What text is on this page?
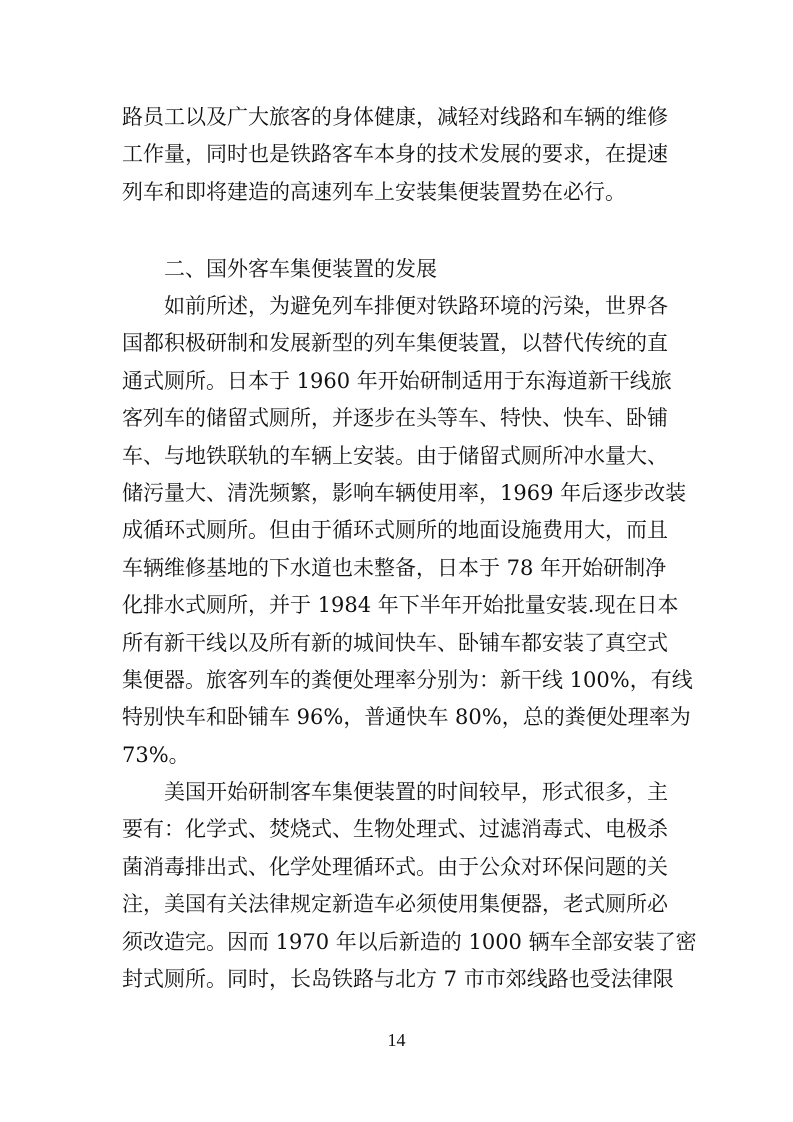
路员工以及广大旅客的身体健康，减轻对线路和车辆的维修
工作量，同时也是铁路客车本身的技术发展的要求，在提速
列车和即将建造的高速列车上安装集便装置势在必行。
二、国外客车集便装置的发展
　　如前所述，为避免列车排便对铁路环境的污染，世界各
国都积极研制和发展新型的列车集便装置，以替代传统的直
通式厕所。日本于 1960 年开始研制适用于东海道新干线旅
客列车的储留式厕所，并逐步在头等车、特快、快车、卧铺
车、与地铁联轨的车辆上安装。由于储留式厕所冲水量大、
储污量大、清洗频繁，影响车辆使用率，1969 年后逐步改装
成循环式厕所。但由于循环式厕所的地面设施费用大，而且
车辆维修基地的下水道也未整备，日本于 78 年开始研制净
化排水式厕所，并于 1984 年下半年开始批量安装.现在日本
所有新干线以及所有新的城间快车、卧铺车都安装了真空式
集便器。旅客列车的粪便处理率分别为：新干线 100%，有线
特别快车和卧铺车 96%，普通快车 80%，总的粪便处理率为
73%。
　　美国开始研制客车集便装置的时间较早，形式很多，主
要有：化学式、焚烧式、生物处理式、过滤消毒式、电极杀
菌消毒排出式、化学处理循环式。由于公众对环保问题的关
注，美国有关法律规定新造车必须使用集便器，老式厕所必
须改造完。因而 1970 年以后新造的 1000 辆车全部安装了密
封式厕所。同时，长岛铁路与北方 7 市市郊线路也受法律限
14
